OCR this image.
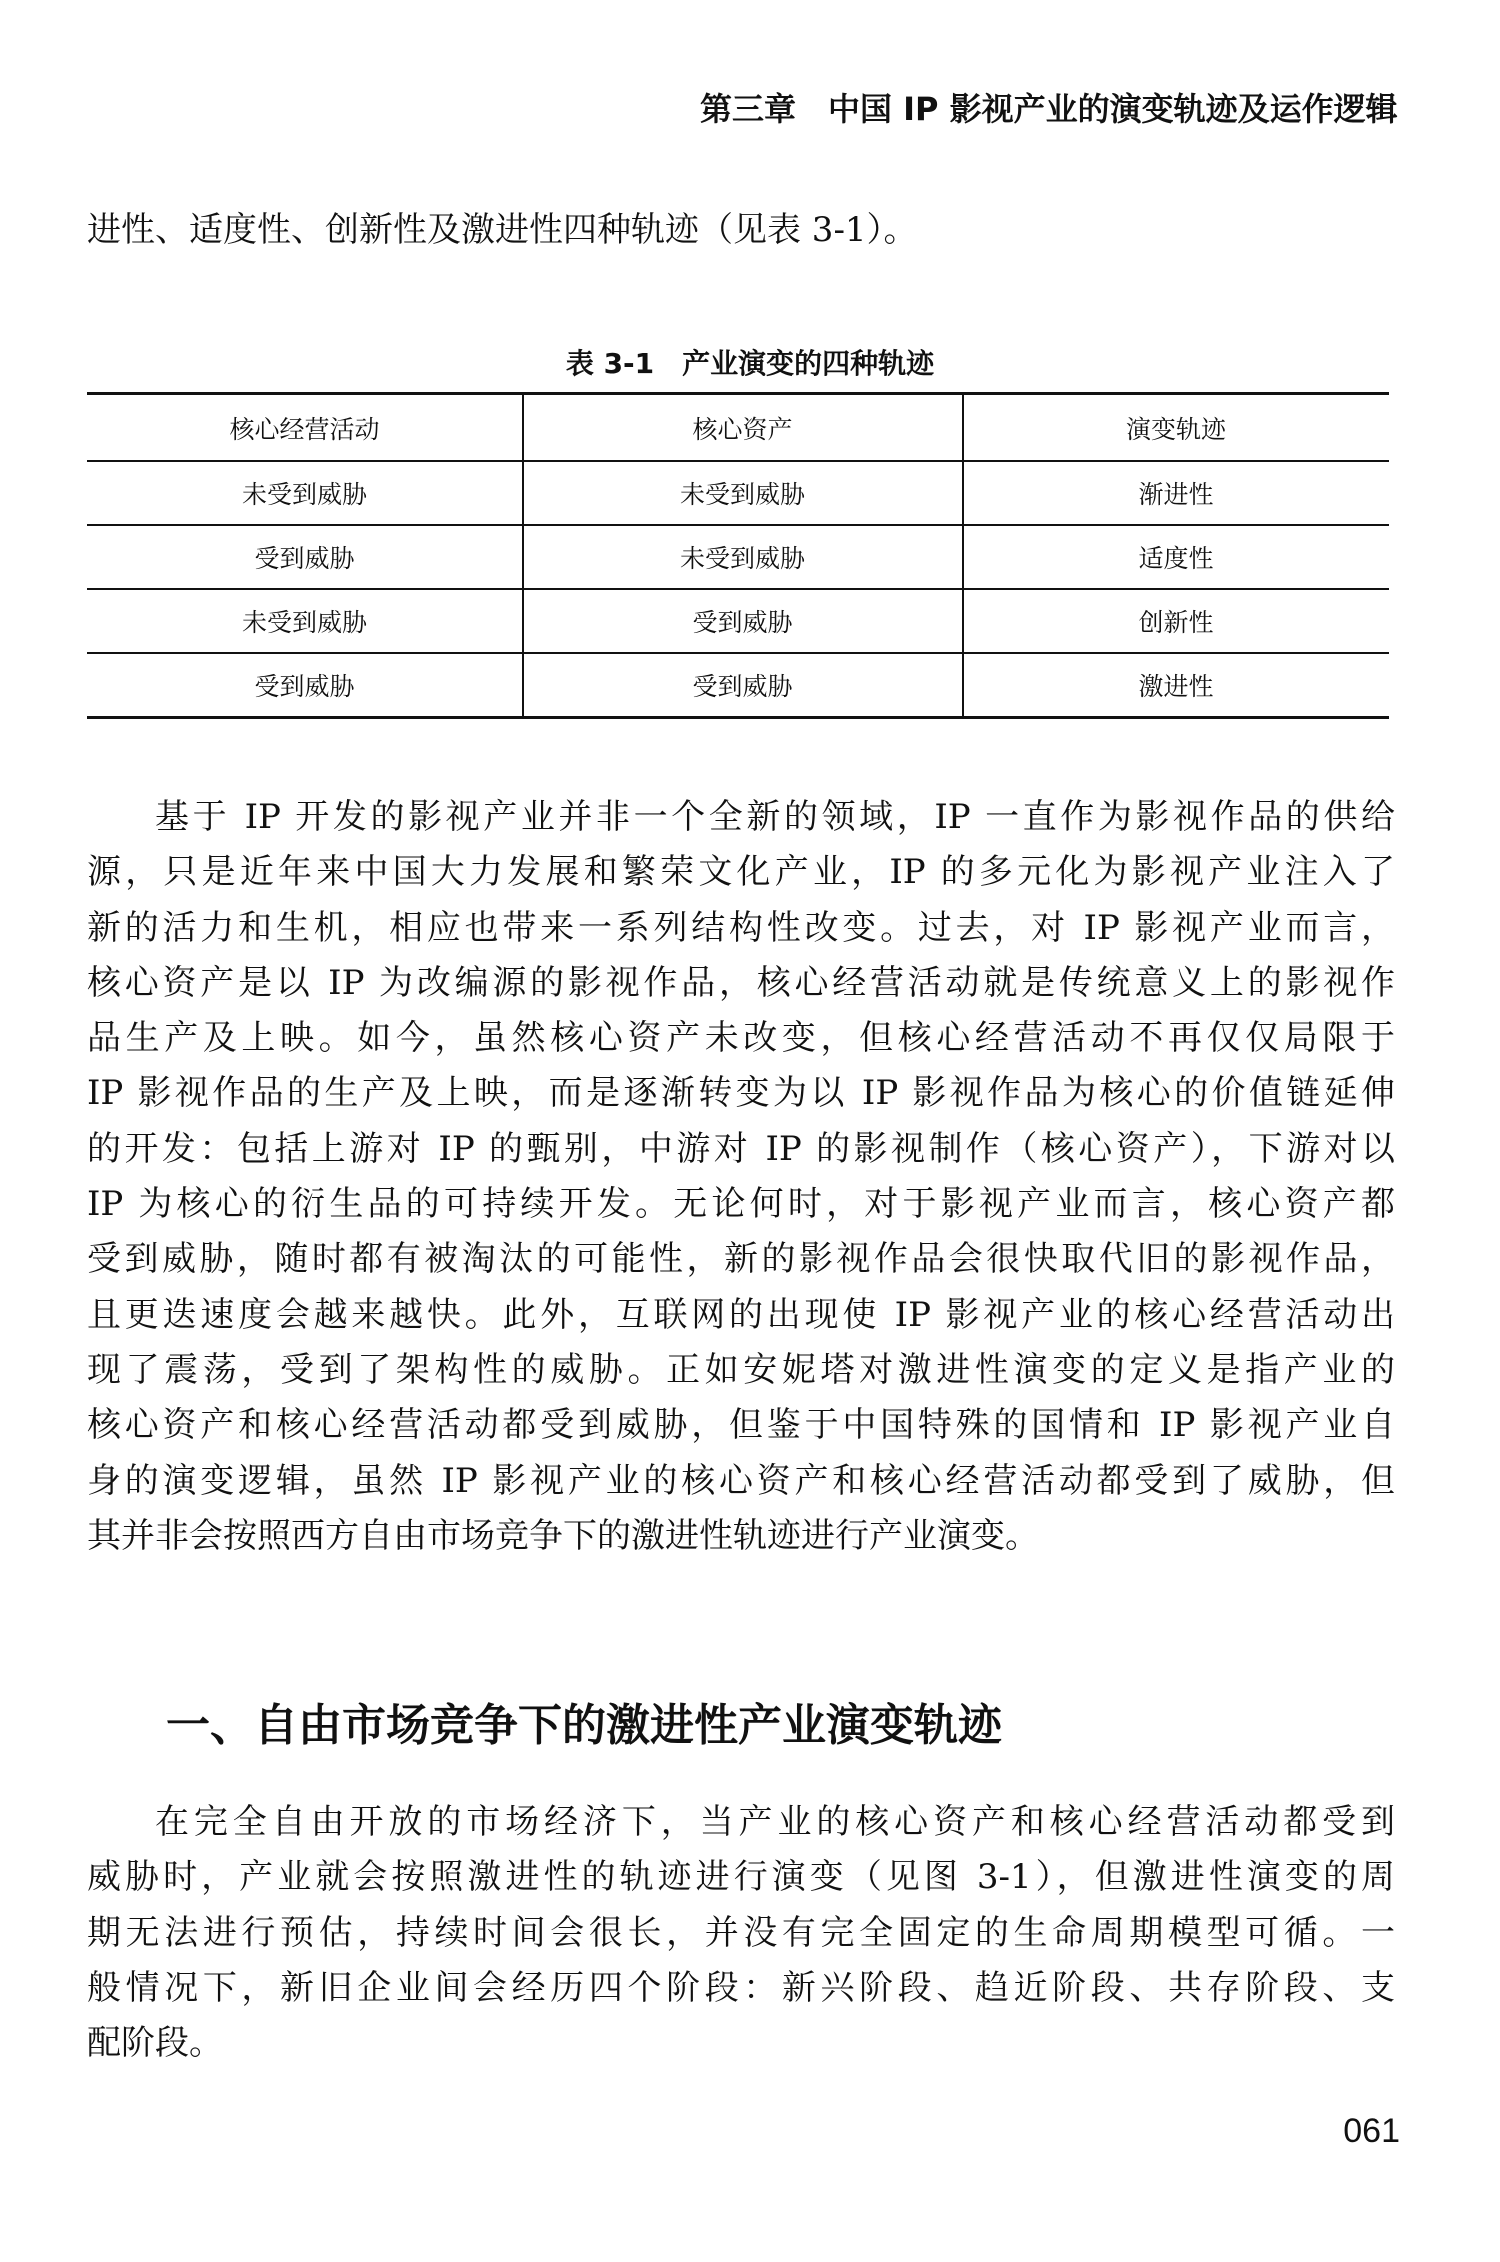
第三章　中国 IP 影视产业的演变轨迹及运作逻辑
进性、适度性、创新性及激进性四种轨迹（见表 3-1）。
表 3-1　产业演变的四种轨迹
核心经营活动	核心资产	演变轨迹
未受到威胁	未受到威胁	渐进性
受到威胁	未受到威胁	适度性
未受到威胁	受到威胁	创新性
受到威胁	受到威胁	激进性
基于 IP 开发的影视产业并非一个全新的领域，IP 一直作为影视作品的供给
源，只是近年来中国大力发展和繁荣文化产业，IP 的多元化为影视产业注入了
新的活力和生机，相应也带来一系列结构性改变。过去，对 IP 影视产业而言，
核心资产是以 IP 为改编源的影视作品，核心经营活动就是传统意义上的影视作
品生产及上映。如今，虽然核心资产未改变，但核心经营活动不再仅仅局限于
IP 影视作品的生产及上映，而是逐渐转变为以 IP 影视作品为核心的价值链延伸
的开发：包括上游对 IP 的甄别，中游对 IP 的影视制作（核心资产），下游对以
IP 为核心的衍生品的可持续开发。无论何时，对于影视产业而言，核心资产都
受到威胁，随时都有被淘汰的可能性，新的影视作品会很快取代旧的影视作品，
且更迭速度会越来越快。此外，互联网的出现使 IP 影视产业的核心经营活动出
现了震荡，受到了架构性的威胁。正如安妮塔对激进性演变的定义是指产业的
核心资产和核心经营活动都受到威胁，但鉴于中国特殊的国情和 IP 影视产业自
身的演变逻辑，虽然 IP 影视产业的核心资产和核心经营活动都受到了威胁，但
其并非会按照西方自由市场竞争下的激进性轨迹进行产业演变。
一、自由市场竞争下的激进性产业演变轨迹
在完全自由开放的市场经济下，当产业的核心资产和核心经营活动都受到
威胁时，产业就会按照激进性的轨迹进行演变（见图 3-1），但激进性演变的周
期无法进行预估，持续时间会很长，并没有完全固定的生命周期模型可循。一
般情况下，新旧企业间会经历四个阶段：新兴阶段、趋近阶段、共存阶段、支
配阶段。
061
